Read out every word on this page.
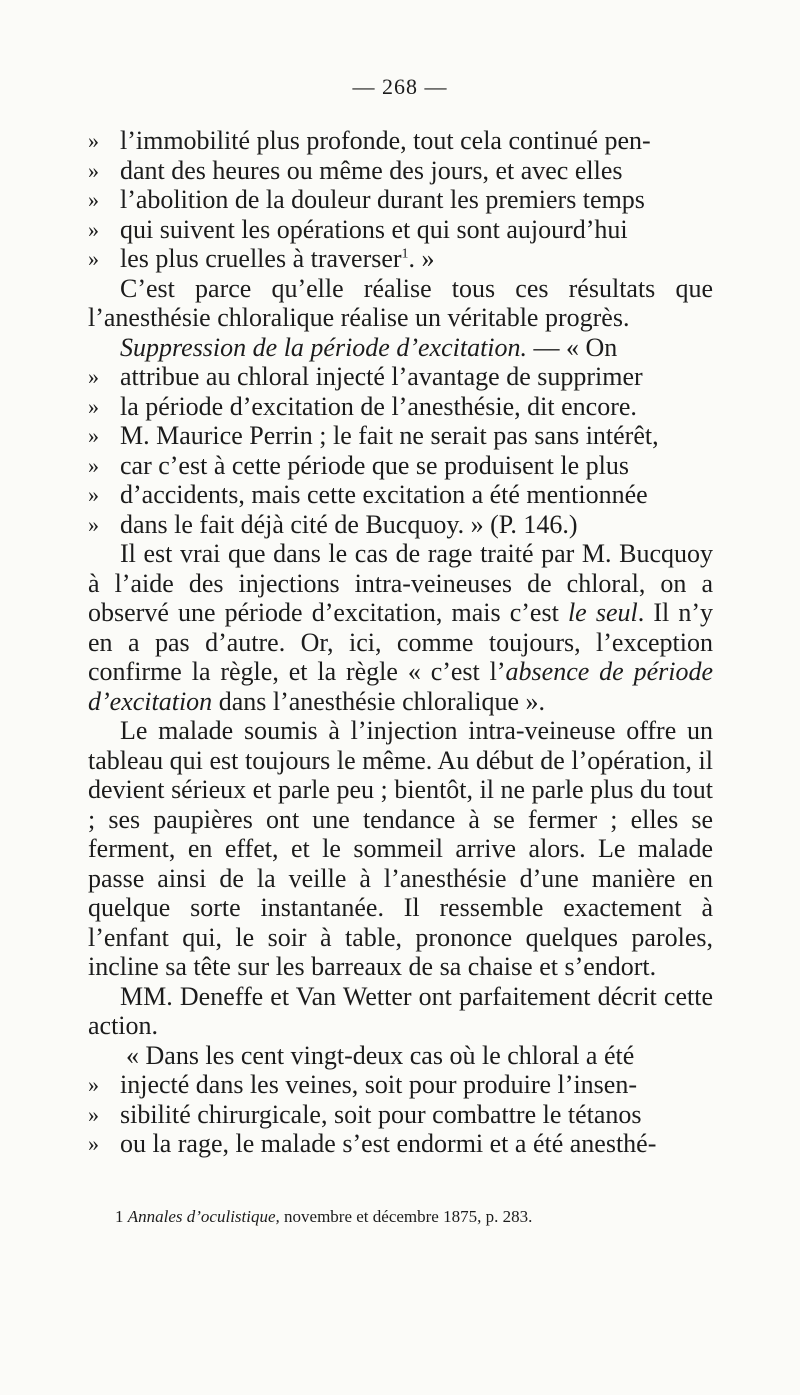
— 268 —

» l’immobilité plus profonde, tout cela continué pen-

» dant des heures ou même des jours, et avec elles

» l’abolition de la douleur durant les premiers temps

» qui suivent les opérations et qui sont aujourd’hui

» les plus cruelles à traverser$^1$. »

C’est parce qu’elle réalise tous ces résultats que l’anesthésie chloralique réalise un véritable progrès.

Suppression de la période d’excitation. — « On

» attribue au chloral injecté l’avantage de supprimer

» la période d’excitation de l’anesthésie, dit encore.

» M. Maurice Perrin ; le fait ne serait pas sans intérêt,

» car c’est à cette période que se produisent le plus

» d’accidents, mais cette excitation a été mentionnée

» dans le fait déjà cité de Bucquoy. » (P. 146.)

Il est vrai que dans le cas de rage traité par M. Bucquoy à l’aide des injections intra-veineuses de chloral, on a observé une période d’excitation, mais c’est le seul. Il n’y en a pas d’autre. Or, ici, comme toujours, l’exception confirme la règle, et la règle « c’est l’absence de période d’excitation dans l’anesthésie chloralique ».

Le malade soumis à l’injection intra-veineuse offre un tableau qui est toujours le même. Au début de l’opération, il devient sérieux et parle peu ; bientôt, il ne parle plus du tout ; ses paupières ont une tendance à se fermer ; elles se ferment, en effet, et le sommeil arrive alors. Le malade passe ainsi de la veille à l’anesthésie d’une manière en quelque sorte instantanée. Il ressemble exactement à l’enfant qui, le soir à table, prononce quelques paroles, incline sa tête sur les barreaux de sa chaise et s’endort.

MM. Deneffe et Van Wetter ont parfaitement décrit cette action.

« Dans les cent vingt-deux cas où le chloral a été

» injecté dans les veines, soit pour produire l’insen-

» sibilité chirurgicale, soit pour combattre le tétanos

» ou la rage, le malade s’est endormi et a été anesthé-

1 Annales d’oculistique, novembre et décembre 1875, p. 283.
